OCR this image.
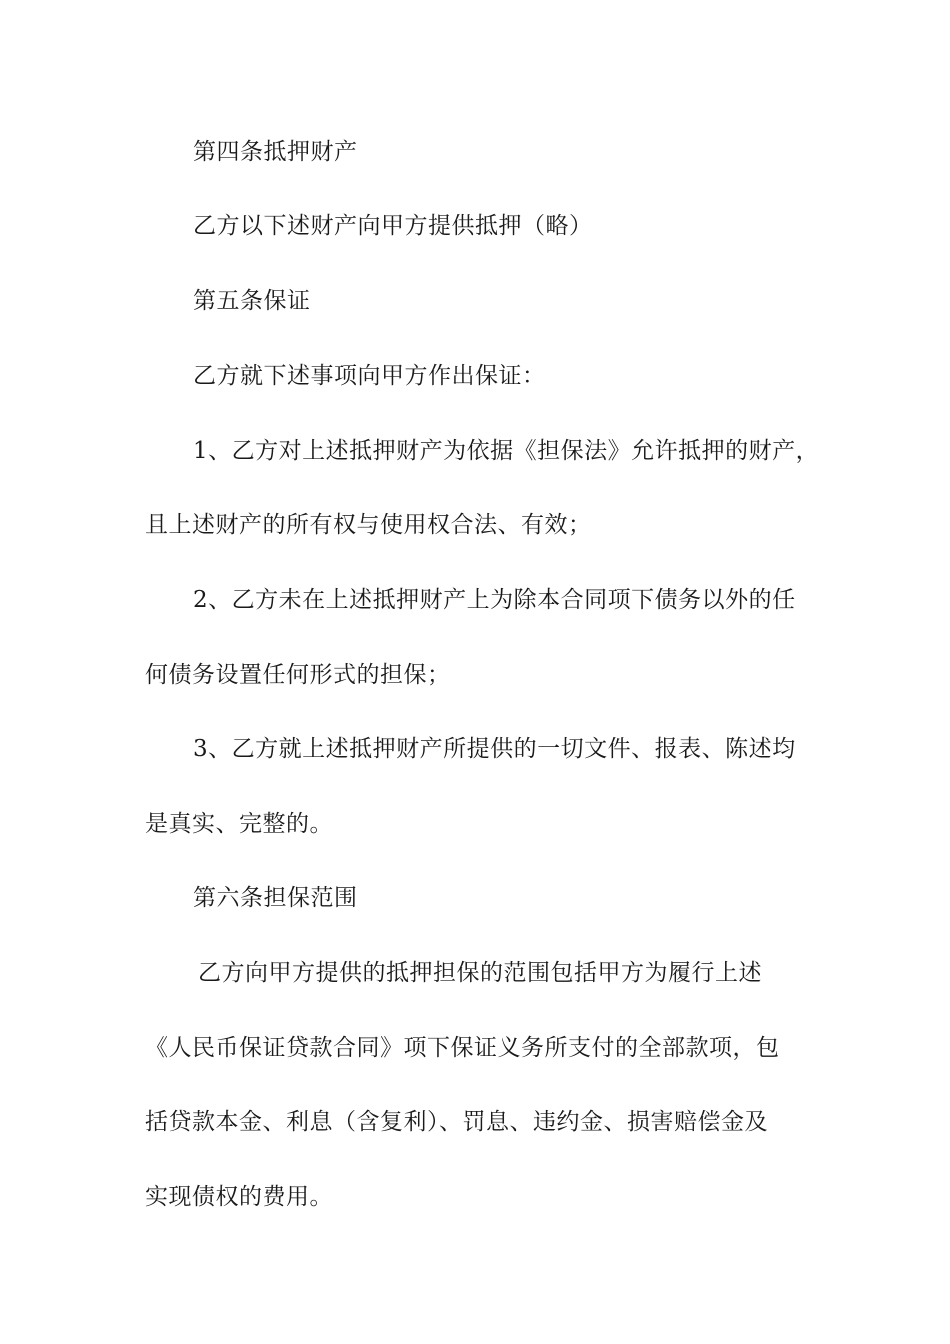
第四条抵押财产
乙方以下述财产向甲方提供抵押（略）
第五条保证
乙方就下述事项向甲方作出保证：
1、乙方对上述抵押财产为依据《担保法》允许抵押的财产，
且上述财产的所有权与使用权合法、有效；
2、乙方未在上述抵押财产上为除本合同项下债务以外的任
何债务设置任何形式的担保；
3、乙方就上述抵押财产所提供的一切文件、报表、陈述均
是真实、完整的。
第六条担保范围
乙方向甲方提供的抵押担保的范围包括甲方为履行上述
《人民币保证贷款合同》项下保证义务所支付的全部款项，包
括贷款本金、利息（含复利）、罚息、违约金、损害赔偿金及
实现债权的费用。
